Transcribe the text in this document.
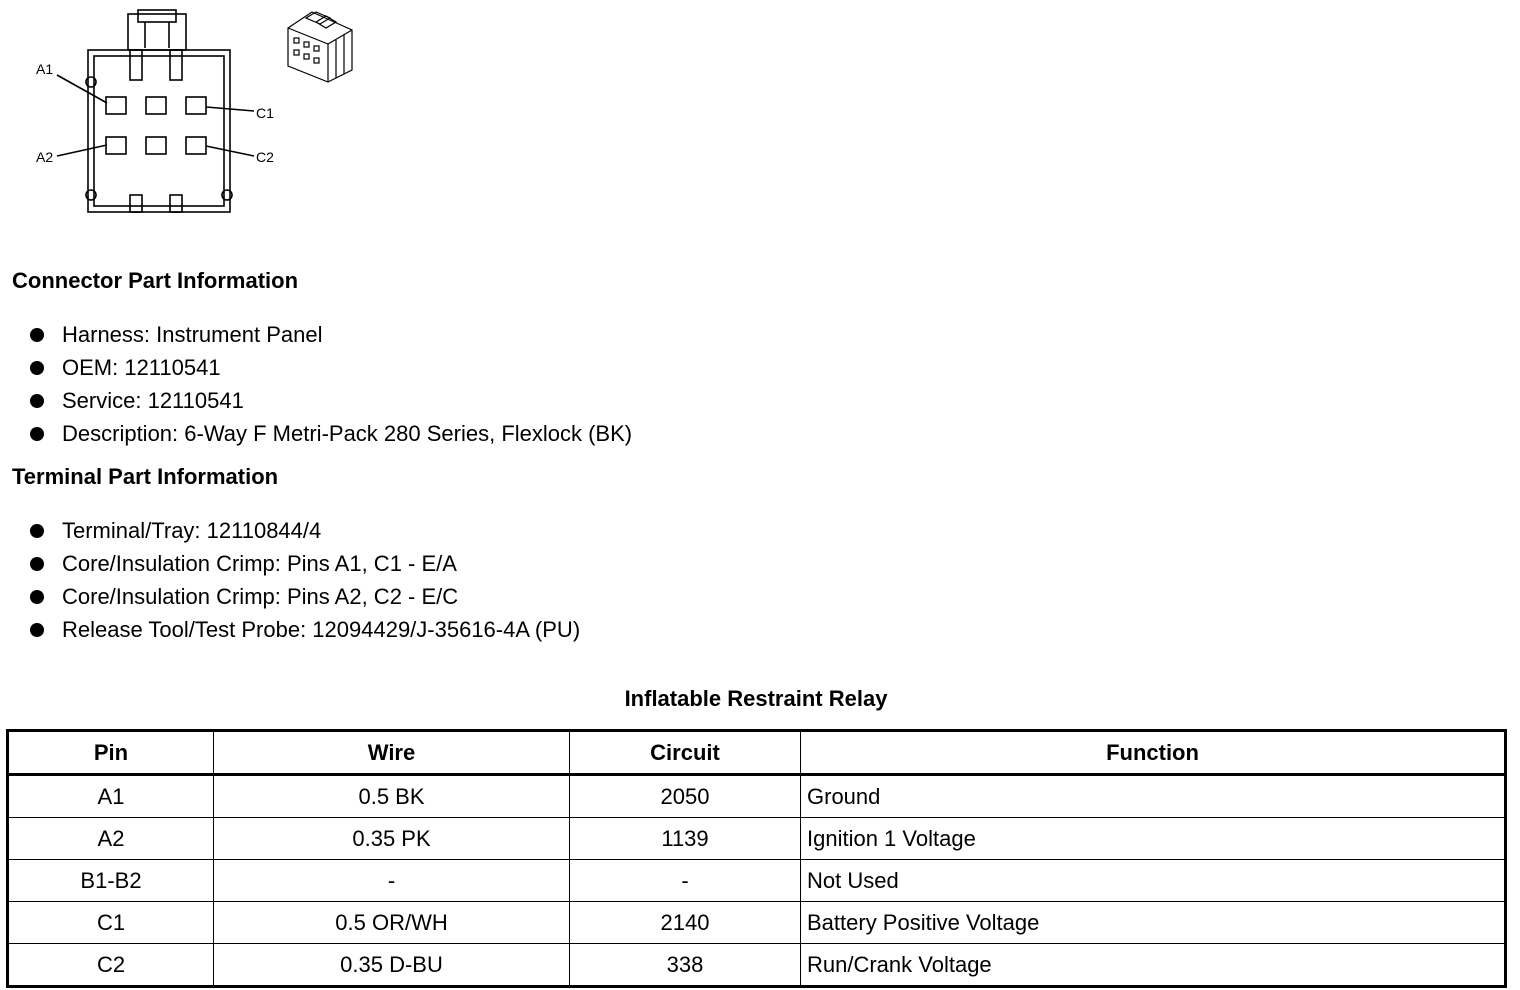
A1
A2
C1
C2
Connector Part Information
Harness: Instrument Panel
OEM: 12110541
Service: 12110541
Description: 6-Way F Metri-Pack 280 Series, Flexlock (BK)
Terminal Part Information
Terminal/Tray: 12110844/4
Core/Insulation Crimp: Pins A1, C1 - E/A
Core/Insulation Crimp: Pins A2, C2 - E/C
Release Tool/Test Probe: 12094429/J-35616-4A (PU)
Inflatable Restraint Relay
Pin	Wire	Circuit	Function
A1	0.5 BK	2050	Ground
A2	0.35 PK	1139	Ignition 1 Voltage
B1-B2	-	-	Not Used
C1	0.5 OR/WH	2140	Battery Positive Voltage
C2	0.35 D-BU	338	Run/Crank Voltage
